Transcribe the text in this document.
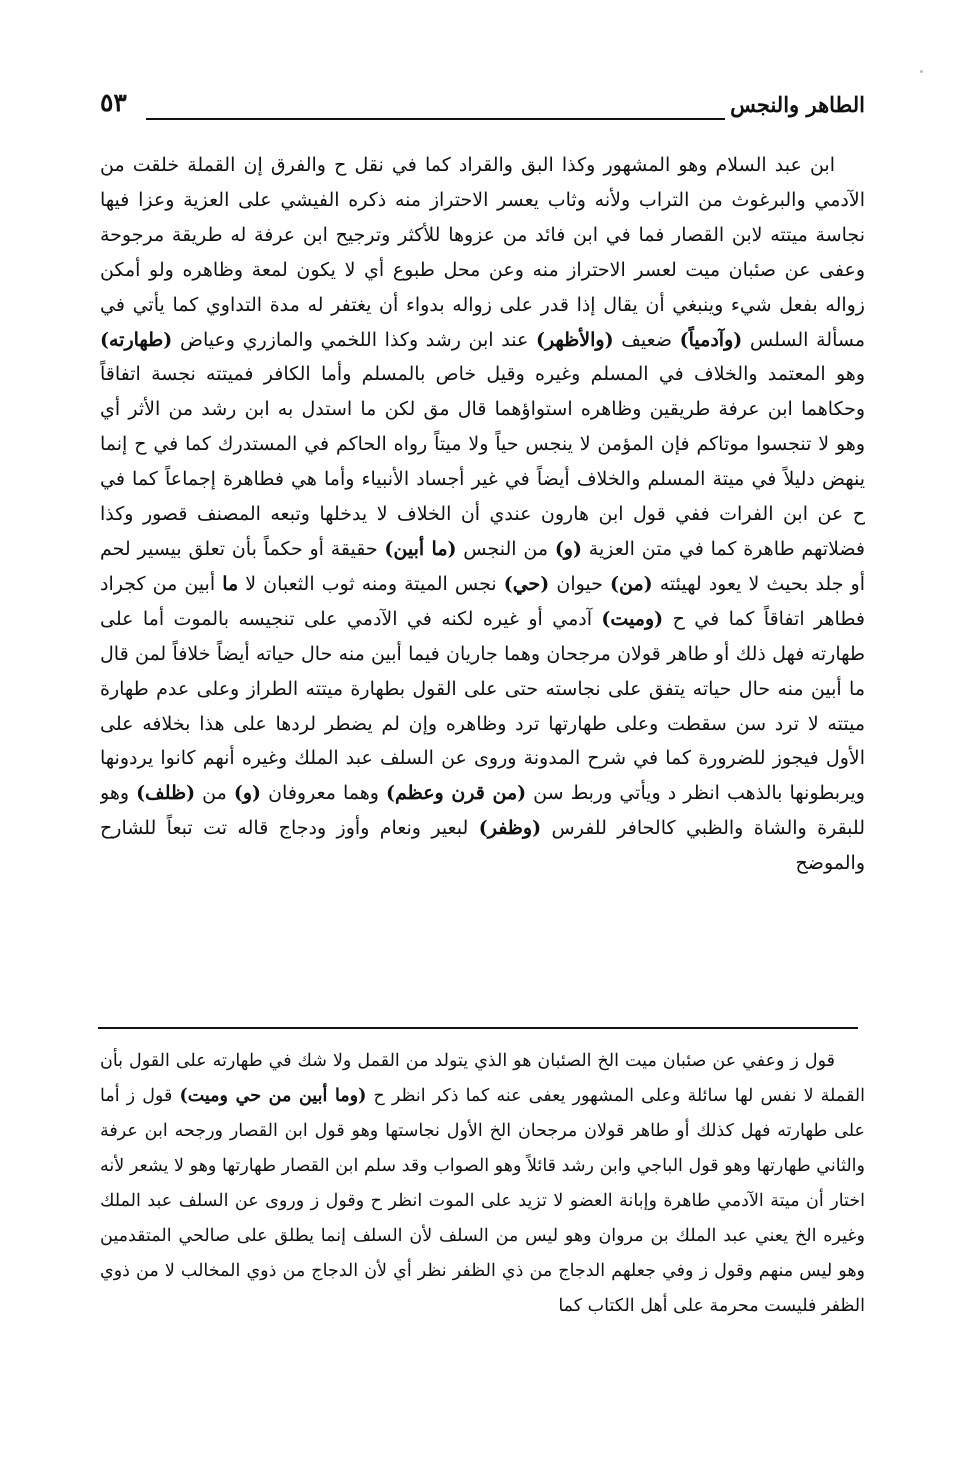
الطاهر والنجس
٥٣

ابن عبد السلام وهو المشهور وكذا البق والقراد كما في نقل ح والفرق إن القملة خلقت من الآدمي والبرغوث من التراب ولأنه وثاب يعسر الاحتراز منه ذكره الفيشي على العزية وعزا فيها نجاسة ميتته لابن القصار فما في ابن فائد من عزوها للأكثر وترجيح ابن عرفة له طريقة مرجوحة وعفى عن صئبان ميت لعسر الاحتراز منه وعن محل طبوع أي لا يكون لمعة وظاهره ولو أمكن زواله بفعل شيء وينبغي أن يقال إذا قدر على زواله بدواء أن يغتفر له مدة التداوي كما يأتي في مسألة السلس (وآدمياً) ضعيف (والأظهر) عند ابن رشد وكذا اللخمي والمازري وعياض (طهارته) وهو المعتمد والخلاف في المسلم وغيره وقيل خاص بالمسلم وأما الكافر فميتته نجسة اتفاقاً وحكاهما ابن عرفة طريقين وظاهره استواؤهما قال مق لكن ما استدل به ابن رشد من الأثر أي وهو لا تنجسوا موتاكم فإن المؤمن لا ينجس حياً ولا ميتاً رواه الحاكم في المستدرك كما في ح إنما ينهض دليلاً في ميتة المسلم والخلاف أيضاً في غير أجساد الأنبياء وأما هي فطاهرة إجماعاً كما في ح عن ابن الفرات ففي قول ابن هارون عندي أن الخلاف لا يدخلها وتبعه المصنف قصور وكذا فضلاتهم طاهرة كما في متن العزية (و) من النجس (ما أبين) حقيقة أو حكماً بأن تعلق بيسير لحم أو جلد بحيث لا يعود لهيئته (من) حيوان (حي) نجس الميتة ومنه ثوب الثعبان لا ما أبين من كجراد فطاهر اتفاقاً كما في ح (وميت) آدمي أو غيره لكنه في الآدمي على تنجيسه بالموت أما على طهارته فهل ذلك أو طاهر قولان مرجحان وهما جاريان فيما أبين منه حال حياته أيضاً خلافاً لمن قال ما أبين منه حال حياته يتفق على نجاسته حتى على القول بطهارة ميتته الطراز وعلى عدم طهارة ميتته لا ترد سن سقطت وعلى طهارتها ترد وظاهره وإن لم يضطر لردها على هذا بخلافه على الأول فيجوز للضرورة كما في شرح المدونة وروى عن السلف عبد الملك وغيره أنهم كانوا يردونها ويربطونها بالذهب انظر د ويأتي وربط سن (من قرن وعظم) وهما معروفان (و) من (ظلف) وهو للبقرة والشاة والظبي كالحافر للفرس (وظفر) لبعير ونعام وأوز ودجاج قاله تت تبعاً للشارح والموضح

قول ز وعفي عن صئبان ميت الخ الصئبان هو الذي يتولد من القمل ولا شك في طهارته على القول بأن القملة لا نفس لها سائلة وعلى المشهور يعفى عنه كما ذكر انظر ح (وما أبين من حي وميت) قول ز أما على طهارته فهل كذلك أو طاهر قولان مرجحان الخ الأول نجاستها وهو قول ابن القصار ورجحه ابن عرفة والثاني طهارتها وهو قول الباجي وابن رشد قائلاً وهو الصواب وقد سلم ابن القصار طهارتها وهو لا يشعر لأنه اختار أن ميتة الآدمي طاهرة وإبانة العضو لا تزيد على الموت انظر ح وقول ز وروى عن السلف عبد الملك وغيره الخ يعني عبد الملك بن مروان وهو ليس من السلف لأن السلف إنما يطلق على صالحي المتقدمين وهو ليس منهم وقول ز وفي جعلهم الدجاج من ذي الظفر نظر أي لأن الدجاج من ذوي المخالب لا من ذوي الظفر فليست محرمة على أهل الكتاب كما
